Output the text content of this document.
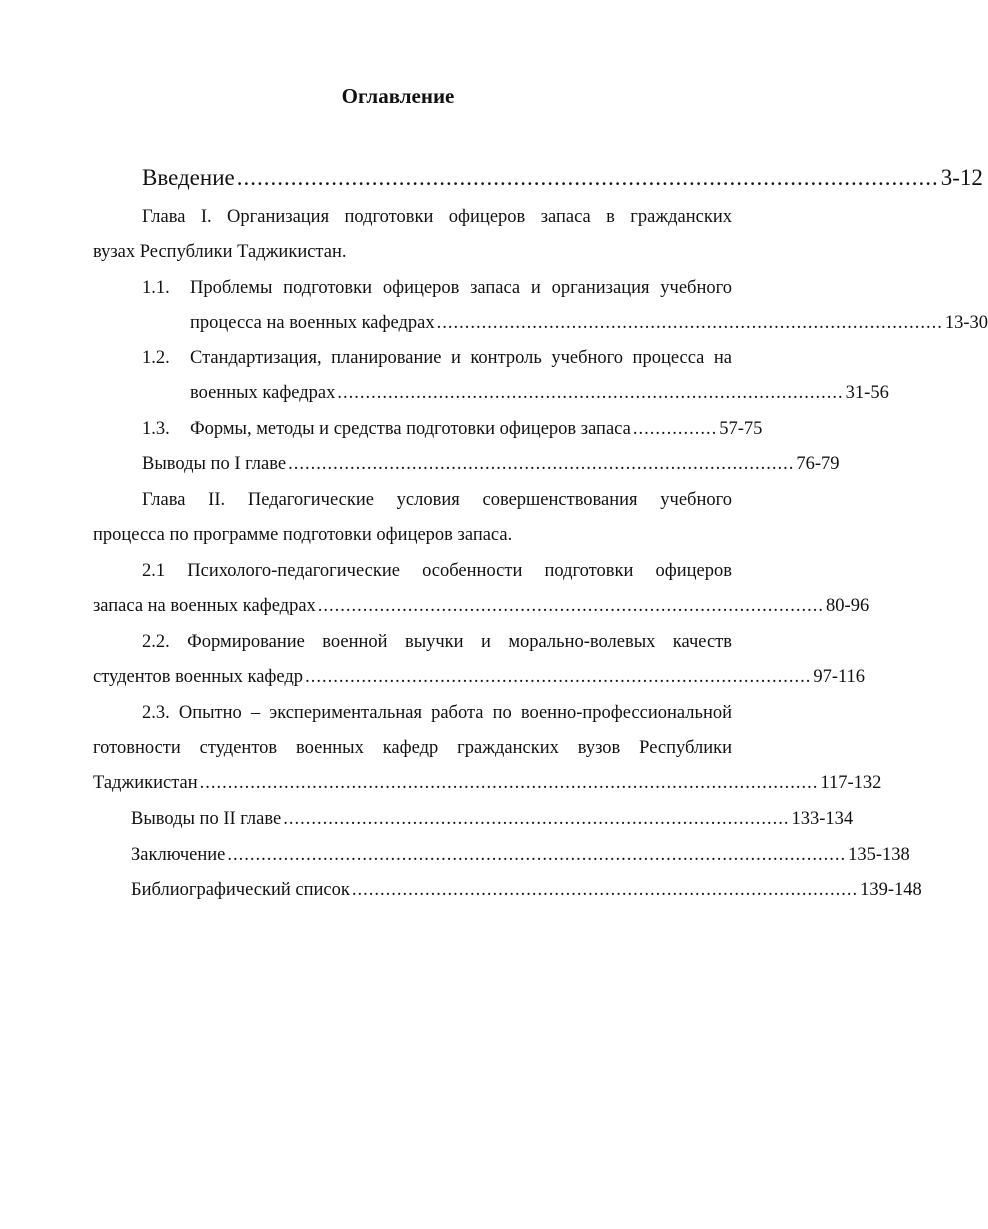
Оглавление
Введение ........................................................................................................ 3-12
Глава I. Организация подготовки офицеров запаса в гражданских
вузах Республики Таджикистан.
1.1. Проблемы подготовки офицеров запаса и организация учебного
процесса на военных кафедрах .......................................................................................... 13-30
1.2. Стандартизация, планирование и контроль учебного процесса на
военных кафедрах .......................................................................................... 31-56
1.3. Формы, методы и средства подготовки офицеров запаса ............... 57-75
Выводы по I главе .......................................................................................... 76-79
Глава II. Педагогические условия совершенствования учебного
процесса по программе подготовки офицеров запаса.
2.1 Психолого-педагогические особенности подготовки офицеров
запаса на военных кафедрах .......................................................................................... 80-96
2.2. Формирование военной выучки и морально-волевых качеств
студентов военных кафедр .......................................................................................... 97-116
2.3. Опытно – экспериментальная работа по военно-профессиональной
готовности студентов военных кафедр гражданских вузов Республики
Таджикистан .............................................................................................................. 117-132
Выводы по II главе .......................................................................................... 133-134
Заключение .............................................................................................................. 135-138
Библиографический список .......................................................................................... 139-148
